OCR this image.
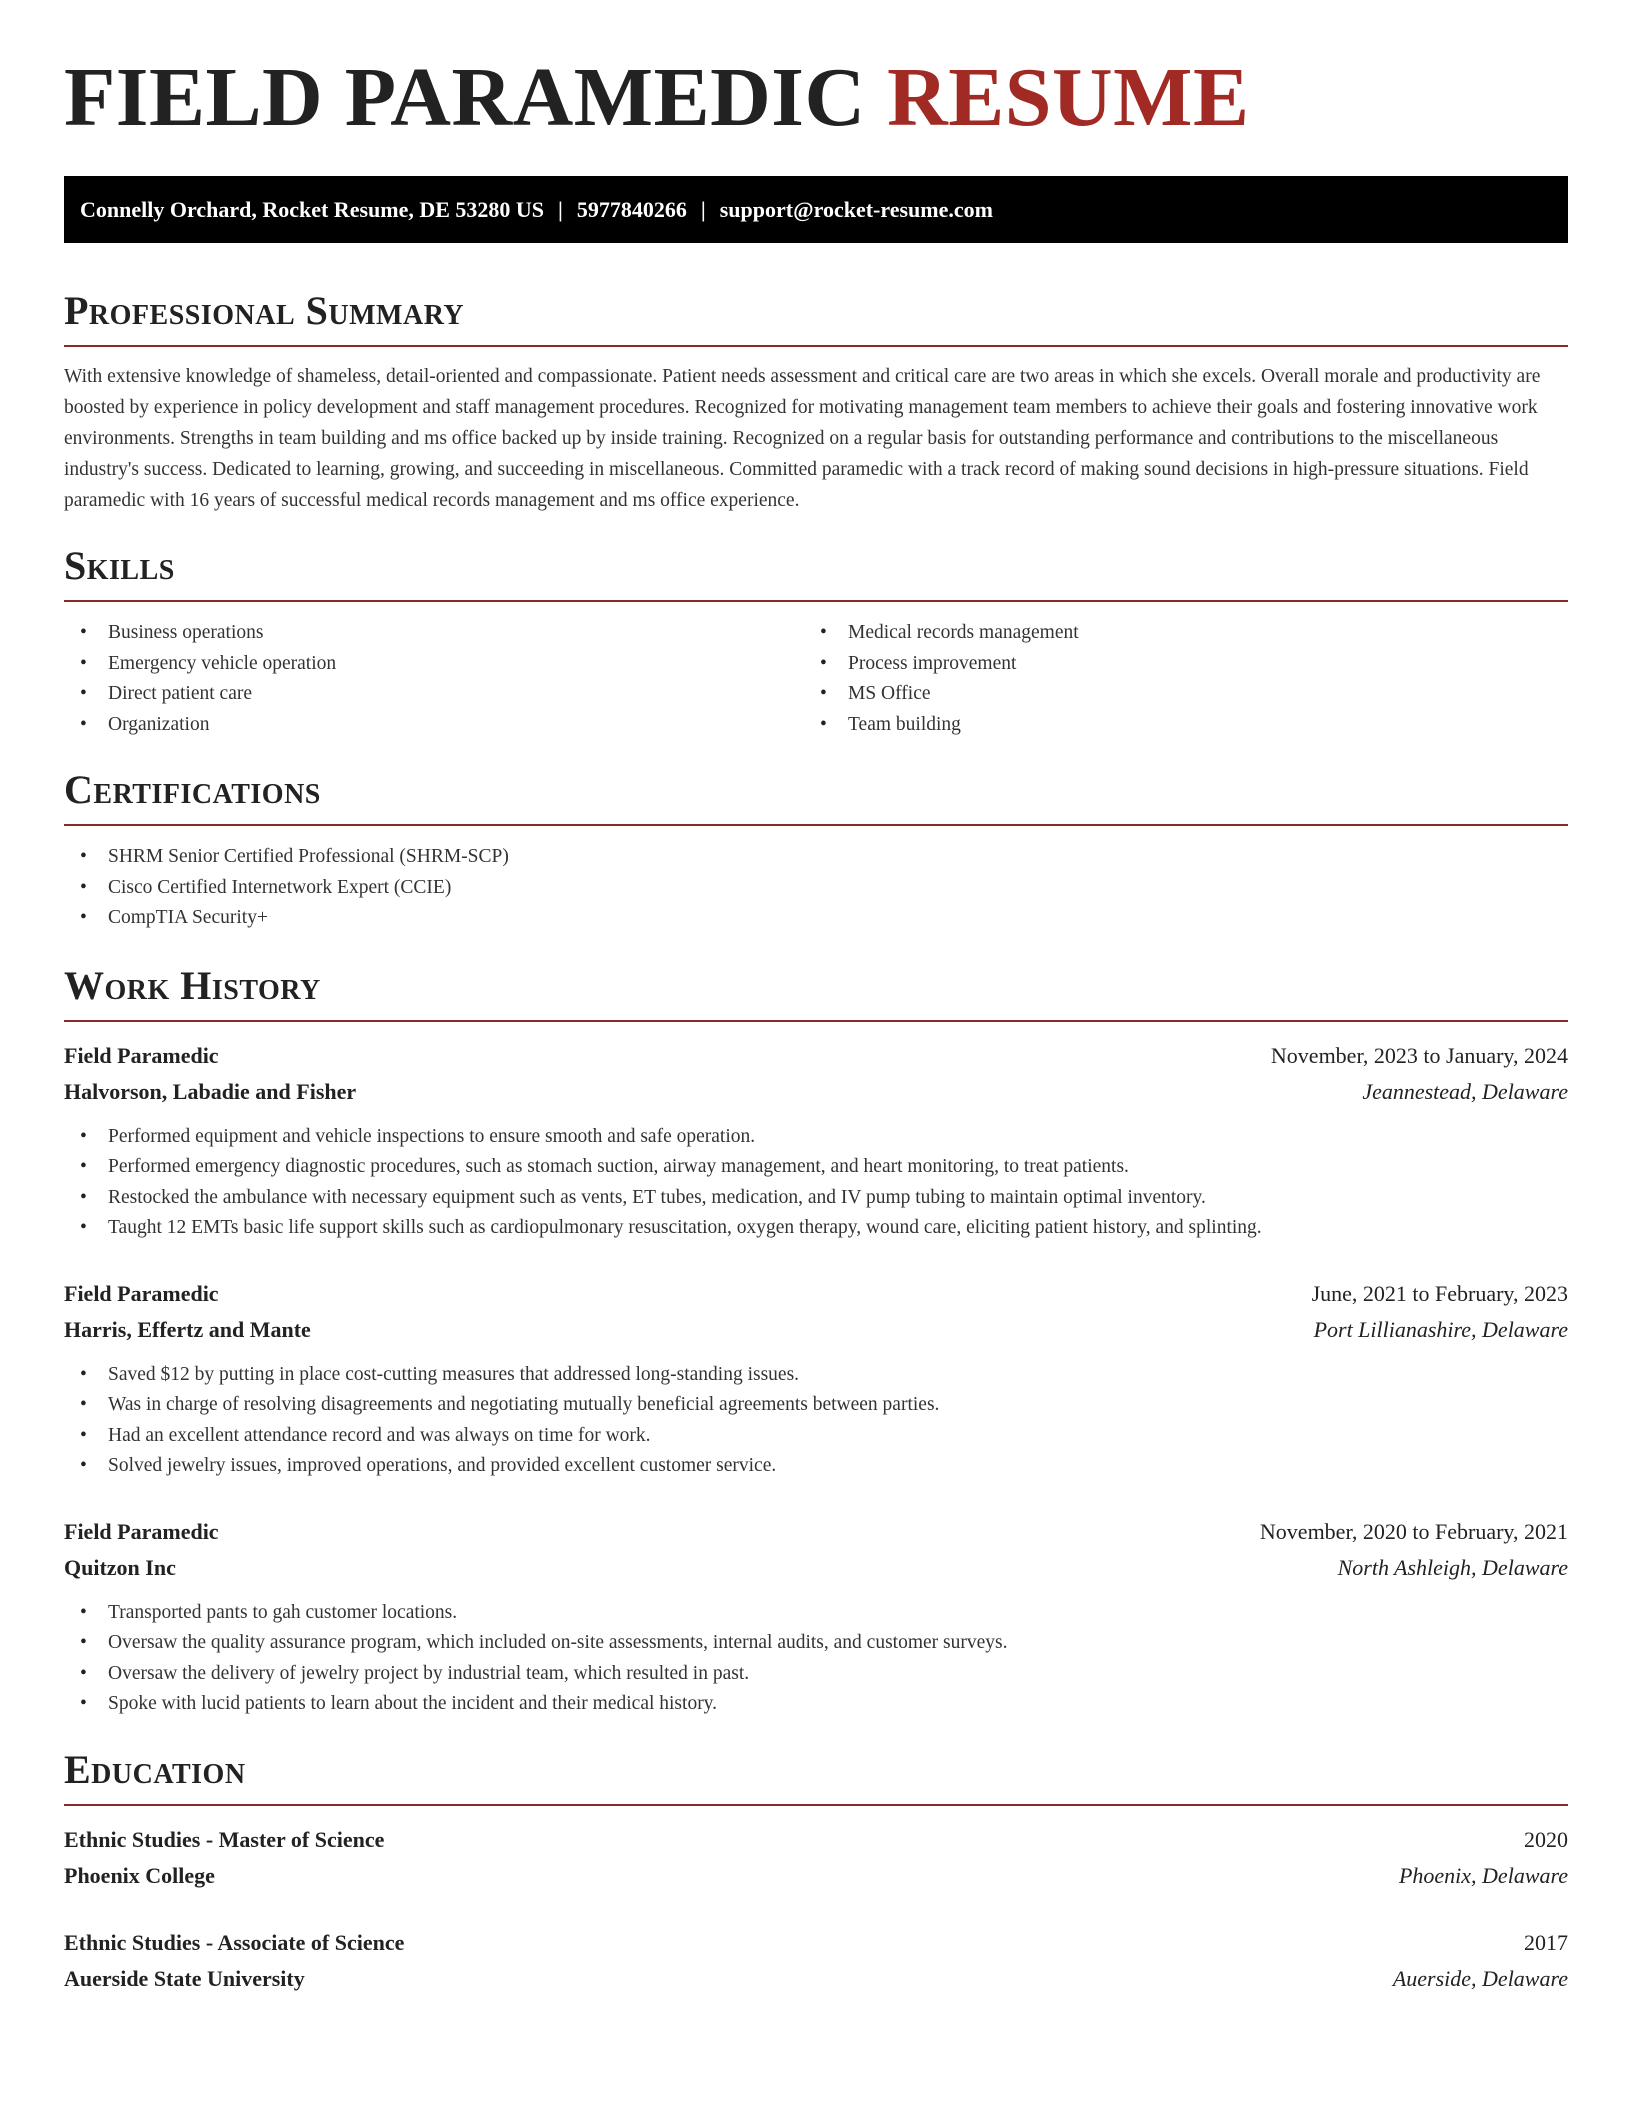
FIELD PARAMEDIC RESUME
Connelly Orchard, Rocket Resume, DE 53280 US | 5977840266 | support@rocket-resume.com
Professional Summary

With extensive knowledge of shameless, detail-oriented and compassionate. Patient needs assessment and critical care are two areas in which she excels. Overall morale and productivity are boosted by experience in policy development and staff management procedures. Recognized for motivating management team members to achieve their goals and fostering innovative work environments. Strengths in team building and ms office backed up by inside training. Recognized on a regular basis for outstanding performance and contributions to the miscellaneous industry's success. Dedicated to learning, growing, and succeeding in miscellaneous. Committed paramedic with a track record of making sound decisions in high-pressure situations. Field paramedic with 16 years of successful medical records management and ms office experience.

Skills
• Business operations
• Emergency vehicle operation
• Direct patient care
• Organization
• Medical records management
• Process improvement
• MS Office
• Team building
Certifications
• SHRM Senior Certified Professional (SHRM-SCP)
• Cisco Certified Internetwork Expert (CCIE)
• CompTIA Security+
Work History
Field Paramedic	November, 2023 to January, 2024
Halvorson, Labadie and Fisher	Jeannestead, Delaware
• Performed equipment and vehicle inspections to ensure smooth and safe operation.
• Performed emergency diagnostic procedures, such as stomach suction, airway management, and heart monitoring, to treat patients.
• Restocked the ambulance with necessary equipment such as vents, ET tubes, medication, and IV pump tubing to maintain optimal inventory.
• Taught 12 EMTs basic life support skills such as cardiopulmonary resuscitation, oxygen therapy, wound care, eliciting patient history, and splinting.
Field Paramedic	June, 2021 to February, 2023
Harris, Effertz and Mante	Port Lillianashire, Delaware
• Saved $12 by putting in place cost-cutting measures that addressed long-standing issues.
• Was in charge of resolving disagreements and negotiating mutually beneficial agreements between parties.
• Had an excellent attendance record and was always on time for work.
• Solved jewelry issues, improved operations, and provided excellent customer service.
Field Paramedic	November, 2020 to February, 2021
Quitzon Inc	North Ashleigh, Delaware
• Transported pants to gah customer locations.
• Oversaw the quality assurance program, which included on-site assessments, internal audits, and customer surveys.
• Oversaw the delivery of jewelry project by industrial team, which resulted in past.
• Spoke with lucid patients to learn about the incident and their medical history.
Education
Ethnic Studies - Master of Science	2020
Phoenix College	Phoenix, Delaware
Ethnic Studies - Associate of Science	2017
Auerside State University	Auerside, Delaware
